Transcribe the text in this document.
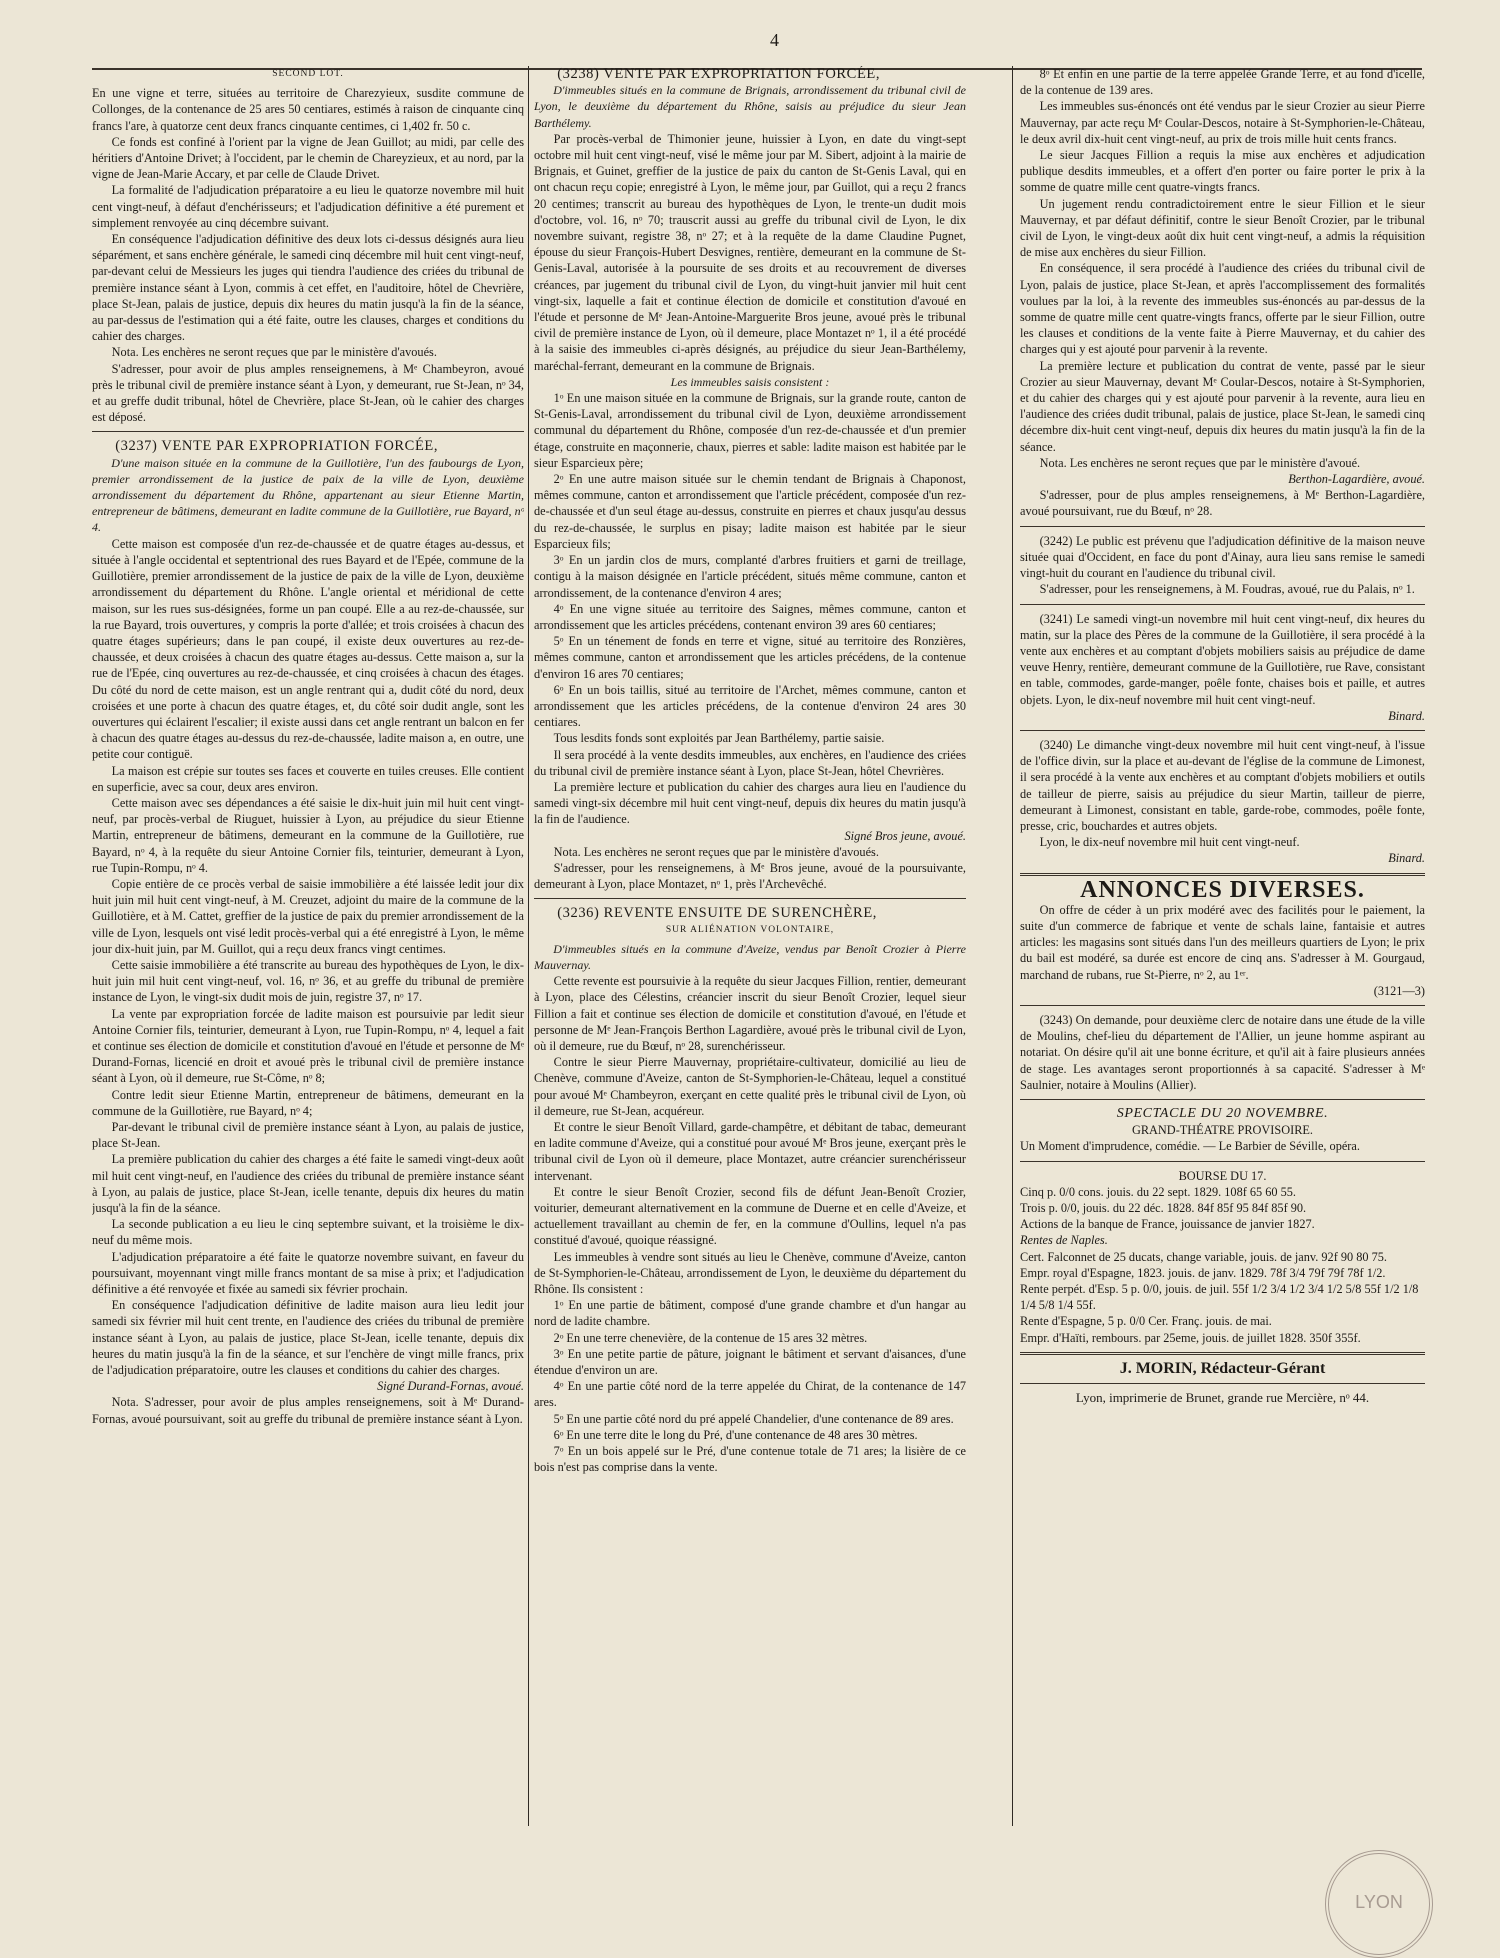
4

SECOND LOT.

En une vigne et terre, situées au territoire de Charezyieux, susdite commune de Collonges, de la contenance de 25 ares 50 centiares, estimés à raison de cinquante cinq francs l'are, à quatorze cent deux francs cinquante centimes, ci 1,402 fr. 50 c.

Ce fonds est confiné à l'orient par la vigne de Jean Guillot; au midi, par celle des héritiers d'Antoine Drivet; à l'occident, par le chemin de Chareyzieux, et au nord, par la vigne de Jean-Marie Accary, et par celle de Claude Drivet.

La formalité de l'adjudication préparatoire a eu lieu le quatorze novembre mil huit cent vingt-neuf, à défaut d'enchérisseurs; et l'adjudication définitive a été purement et simplement renvoyée au cinq décembre suivant.

En conséquence l'adjudication définitive des deux lots ci-dessus désignés aura lieu séparément, et sans enchère générale, le samedi cinq décembre mil huit cent vingt-neuf, par-devant celui de Messieurs les juges qui tiendra l'audience des criées du tribunal de première instance séant à Lyon, commis à cet effet, en l'auditoire, hôtel de Chevrière, place St-Jean, palais de justice, depuis dix heures du matin jusqu'à la fin de la séance, au par-dessus de l'estimation qui a été faite, outre les clauses, charges et conditions du cahier des charges.

Nota. Les enchères ne seront reçues que par le ministère d'avoués.

S'adresser, pour avoir de plus amples renseignemens, à Mᵉ Chambeyron, avoué près le tribunal civil de première instance séant à Lyon, y demeurant, rue St-Jean, nᵒ 34, et au greffe dudit tribunal, hôtel de Chevrière, place St-Jean, où le cahier des charges est déposé.

(3237) VENTE PAR EXPROPRIATION FORCÉE,

D'une maison située en la commune de la Guillotière, l'un des faubourgs de Lyon, premier arrondissement de la justice de paix de la ville de Lyon, deuxième arrondissement du département du Rhône, appartenant au sieur Etienne Martin, entrepreneur de bâtimens, demeurant en ladite commune de la Guillotière, rue Bayard, nᵒ 4.

Cette maison est composée d'un rez-de-chaussée et de quatre étages au-dessus, et située à l'angle occidental et septentrional des rues Bayard et de l'Epée, commune de la Guillotière, premier arrondissement de la justice de paix de la ville de Lyon, deuxième arrondissement du département du Rhône. L'angle oriental et méridional de cette maison, sur les rues sus-désignées, forme un pan coupé. Elle a au rez-de-chaussée, sur la rue Bayard, trois ouvertures, y compris la porte d'allée; et trois croisées à chacun des quatre étages supérieurs; dans le pan coupé, il existe deux ouvertures au rez-de-chaussée, et deux croisées à chacun des quatre étages au-dessus. Cette maison a, sur la rue de l'Epée, cinq ouvertures au rez-de-chaussée, et cinq croisées à chacun des étages. Du côté du nord de cette maison, est un angle rentrant qui a, dudit côté du nord, deux croisées et une porte à chacun des quatre étages, et, du côté soir dudit angle, sont les ouvertures qui éclairent l'escalier; il existe aussi dans cet angle rentrant un balcon en fer à chacun des quatre étages au-dessus du rez-de-chaussée, ladite maison a, en outre, une petite cour contiguë.

La maison est crépie sur toutes ses faces et couverte en tuiles creuses. Elle contient en superficie, avec sa cour, deux ares environ.

Cette maison avec ses dépendances a été saisie le dix-huit juin mil huit cent vingt-neuf, par procès-verbal de Riuguet, huissier à Lyon, au préjudice du sieur Etienne Martin, entrepreneur de bâtimens, demeurant en la commune de la Guillotière, rue Bayard, nᵒ 4, à la requête du sieur Antoine Cornier fils, teinturier, demeurant à Lyon, rue Tupin-Rompu, nᵒ 4.

Copie entière de ce procès verbal de saisie immobilière a été laissée ledit jour dix huit juin mil huit cent vingt-neuf, à M. Creuzet, adjoint du maire de la commune de la Guillotière, et à M. Cattet, greffier de la justice de paix du premier arrondissement de la ville de Lyon, lesquels ont visé ledit procès-verbal qui a été enregistré à Lyon, le même jour dix-huit juin, par M. Guillot, qui a reçu deux francs vingt centimes.

Cette saisie immobilière a été transcrite au bureau des hypothèques de Lyon, le dix-huit juin mil huit cent vingt-neuf, vol. 16, nᵒ 36, et au greffe du tribunal de première instance de Lyon, le vingt-six dudit mois de juin, registre 37, nᵒ 17.

La vente par expropriation forcée de ladite maison est poursuivie par ledit sieur Antoine Cornier fils, teinturier, demeurant à Lyon, rue Tupin-Rompu, nᵒ 4, lequel a fait et continue ses élection de domicile et constitution d'avoué en l'étude et personne de Mᵉ Durand-Fornas, licencié en droit et avoué près le tribunal civil de première instance séant à Lyon, où il demeure, rue St-Côme, nᵒ 8;

Contre ledit sieur Etienne Martin, entrepreneur de bâtimens, demeurant en la commune de la Guillotière, rue Bayard, nᵒ 4;

Par-devant le tribunal civil de première instance séant à Lyon, au palais de justice, place St-Jean.

La première publication du cahier des charges a été faite le samedi vingt-deux août mil huit cent vingt-neuf, en l'audience des criées du tribunal de première instance séant à Lyon, au palais de justice, place St-Jean, icelle tenante, depuis dix heures du matin jusqu'à la fin de la séance.

La seconde publication a eu lieu le cinq septembre suivant, et la troisième le dix-neuf du même mois.

L'adjudication préparatoire a été faite le quatorze novembre suivant, en faveur du poursuivant, moyennant vingt mille francs montant de sa mise à prix; et l'adjudication définitive a été renvoyée et fixée au samedi six février prochain.

En conséquence l'adjudication définitive de ladite maison aura lieu ledit jour samedi six février mil huit cent trente, en l'audience des criées du tribunal de première instance séant à Lyon, au palais de justice, place St-Jean, icelle tenante, depuis dix heures du matin jusqu'à la fin de la séance, et sur l'enchère de vingt mille francs, prix de l'adjudication préparatoire, outre les clauses et conditions du cahier des charges.

Signé Durand-Fornas, avoué.

Nota. S'adresser, pour avoir de plus amples renseignemens, soit à Mᵉ Durand-Fornas, avoué poursuivant, soit au greffe du tribunal de première instance séant à Lyon.

(3238) VENTE PAR EXPROPRIATION FORCÉE,

D'immeubles situés en la commune de Brignais, arrondissement du tribunal civil de Lyon, le deuxième du département du Rhône, saisis au préjudice du sieur Jean Barthélemy.

Par procès-verbal de Thimonier jeune, huissier à Lyon, en date du vingt-sept octobre mil huit cent vingt-neuf, visé le même jour par M. Sibert, adjoint à la mairie de Brignais, et Guinet, greffier de la justice de paix du canton de St-Genis Laval, qui en ont chacun reçu copie; enregistré à Lyon, le même jour, par Guillot, qui a reçu 2 francs 20 centimes; transcrit au bureau des hypothèques de Lyon, le trente-un dudit mois d'octobre, vol. 16, nᵒ 70; trauscrit aussi au greffe du tribunal civil de Lyon, le dix novembre suivant, registre 38, nᵒ 27; et à la requête de la dame Claudine Pugnet, épouse du sieur François-Hubert Desvignes, rentière, demeurant en la commune de St-Genis-Laval, autorisée à la poursuite de ses droits et au recouvrement de diverses créances, par jugement du tribunal civil de Lyon, du vingt-huit janvier mil huit cent vingt-six, laquelle a fait et continue élection de domicile et constitution d'avoué en l'étude et personne de Mᵉ Jean-Antoine-Marguerite Bros jeune, avoué près le tribunal civil de première instance de Lyon, où il demeure, place Montazet nᵒ 1, il a été procédé à la saisie des immeubles ci-après désignés, au préjudice du sieur Jean-Barthélemy, maréchal-ferrant, demeurant en la commune de Brignais.

Les immeubles saisis consistent :

1ᵒ En une maison située en la commune de Brignais, sur la grande route, canton de St-Genis-Laval, arrondissement du tribunal civil de Lyon, deuxième arrondissement communal du département du Rhône, composée d'un rez-de-chaussée et d'un premier étage, construite en maçonnerie, chaux, pierres et sable: ladite maison est habitée par le sieur Esparcieux père;

2ᵒ En une autre maison située sur le chemin tendant de Brignais à Chaponost, mêmes commune, canton et arrondissement que l'article précédent, composée d'un rez-de-chaussée et d'un seul étage au-dessus, construite en pierres et chaux jusqu'au dessus du rez-de-chaussée, le surplus en pisay; ladite maison est habitée par le sieur Esparcieux fils;

3ᵒ En un jardin clos de murs, complanté d'arbres fruitiers et garni de treillage, contigu à la maison désignée en l'article précédent, situés même commune, canton et arrondissement, de la contenance d'environ 4 ares;

4ᵒ En une vigne située au territoire des Saignes, mêmes commune, canton et arrondissement que les articles précédens, contenant environ 39 ares 60 centiares;

5ᵒ En un ténement de fonds en terre et vigne, situé au territoire des Ronzières, mêmes commune, canton et arrondissement que les articles précédens, de la contenue d'environ 16 ares 70 centiares;

6ᵒ En un bois taillis, situé au territoire de l'Archet, mêmes commune, canton et arrondissement que les articles précédens, de la contenue d'environ 24 ares 30 centiares.

Tous lesdits fonds sont exploités par Jean Barthélemy, partie saisie.

Il sera procédé à la vente desdits immeubles, aux enchères, en l'audience des criées du tribunal civil de première instance séant à Lyon, place St-Jean, hôtel Chevrières.

La première lecture et publication du cahier des charges aura lieu en l'audience du samedi vingt-six décembre mil huit cent vingt-neuf, depuis dix heures du matin jusqu'à la fin de l'audience.

Signé Bros jeune, avoué.

Nota. Les enchères ne seront reçues que par le ministère d'avoués.

S'adresser, pour les renseignemens, à Mᵉ Bros jeune, avoué de la poursuivante, demeurant à Lyon, place Montazet, nᵒ 1, près l'Archevêché.

(3236) REVENTE ENSUITE DE SURENCHÈRE,

SUR ALIÉNATION VOLONTAIRE,

D'immeubles situés en la commune d'Aveize, vendus par Benoît Crozier à Pierre Mauvernay.

Cette revente est poursuivie à la requête du sieur Jacques Fillion, rentier, demeurant à Lyon, place des Célestins, créancier inscrit du sieur Benoît Crozier, lequel sieur Fillion a fait et continue ses élection de domicile et constitution d'avoué, en l'étude et personne de Mᵉ Jean-François Berthon Lagardière, avoué près le tribunal civil de Lyon, où il demeure, rue du Bœuf, nᵒ 28, surenchérisseur.

Contre le sieur Pierre Mauvernay, propriétaire-cultivateur, domicilié au lieu de Chenève, commune d'Aveize, canton de St-Symphorien-le-Château, lequel a constitué pour avoué Mᵉ Chambeyron, exerçant en cette qualité près le tribunal civil de Lyon, où il demeure, rue St-Jean, acquéreur.

Et contre le sieur Benoît Villard, garde-champêtre, et débitant de tabac, demeurant en ladite commune d'Aveize, qui a constitué pour avoué Mᵉ Bros jeune, exerçant près le tribunal civil de Lyon où il demeure, place Montazet, autre créancier surenchérisseur intervenant.

Et contre le sieur Benoît Crozier, second fils de défunt Jean-Benoît Crozier, voiturier, demeurant alternativement en la commune de Duerne et en celle d'Aveize, et actuellement travaillant au chemin de fer, en la commune d'Oullins, lequel n'a pas constitué d'avoué, quoique réassigné.

Les immeubles à vendre sont situés au lieu le Chenève, commune d'Aveize, canton de St-Symphorien-le-Château, arrondissement de Lyon, le deuxième du département du Rhône. Ils consistent :

1ᵒ En une partie de bâtiment, composé d'une grande chambre et d'un hangar au nord de ladite chambre.

2ᵒ En une terre chenevière, de la contenue de 15 ares 32 mètres.

3ᵒ En une petite partie de pâture, joignant le bâtiment et servant d'aisances, d'une étendue d'environ un are.

4ᵒ En une partie côté nord de la terre appelée du Chirat, de la contenance de 147 ares.

5ᵒ En une partie côté nord du pré appelé Chandelier, d'une contenance de 89 ares.

6ᵒ En une terre dite le long du Pré, d'une contenance de 48 ares 30 mètres.

7ᵒ En un bois appelé sur le Pré, d'une contenue totale de 71 ares; la lisière de ce bois n'est pas comprise dans la vente.

8ᵒ Et enfin en une partie de la terre appelée Grande Terre, et au fond d'icelle, de la contenue de 139 ares.

Les immeubles sus-énoncés ont été vendus par le sieur Crozier au sieur Pierre Mauvernay, par acte reçu Mᵉ Coular-Descos, notaire à St-Symphorien-le-Château, le deux avril dix-huit cent vingt-neuf, au prix de trois mille huit cents francs.

Le sieur Jacques Fillion a requis la mise aux enchères et adjudication publique desdits immeubles, et a offert d'en porter ou faire porter le prix à la somme de quatre mille cent quatre-vingts francs.

Un jugement rendu contradictoirement entre le sieur Fillion et le sieur Mauvernay, et par défaut définitif, contre le sieur Benoît Crozier, par le tribunal civil de Lyon, le vingt-deux août dix huit cent vingt-neuf, a admis la réquisition de mise aux enchères du sieur Fillion.

En conséquence, il sera procédé à l'audience des criées du tribunal civil de Lyon, palais de justice, place St-Jean, et après l'accomplissement des formalités voulues par la loi, à la revente des immeubles sus-énoncés au par-dessus de la somme de quatre mille cent quatre-vingts francs, offerte par le sieur Fillion, outre les clauses et conditions de la vente faite à Pierre Mauvernay, et du cahier des charges qui y est ajouté pour parvenir à la revente.

La première lecture et publication du contrat de vente, passé par le sieur Crozier au sieur Mauvernay, devant Mᵉ Coular-Descos, notaire à St-Symphorien, et du cahier des charges qui y est ajouté pour parvenir à la revente, aura lieu en l'audience des criées dudit tribunal, palais de justice, place St-Jean, le samedi cinq décembre dix-huit cent vingt-neuf, depuis dix heures du matin jusqu'à la fin de la séance.

Nota. Les enchères ne seront reçues que par le ministère d'avoué.

Berthon-Lagardière, avoué.

S'adresser, pour de plus amples renseignemens, à Mᵉ Berthon-Lagardière, avoué poursuivant, rue du Bœuf, nᵒ 28.

(3242) Le public est prévenu que l'adjudication définitive de la maison neuve située quai d'Occident, en face du pont d'Ainay, aura lieu sans remise le samedi vingt-huit du courant en l'audience du tribunal civil.

S'adresser, pour les renseignemens, à M. Foudras, avoué, rue du Palais, nᵒ 1.

(3241) Le samedi vingt-un novembre mil huit cent vingt-neuf, dix heures du matin, sur la place des Pères de la commune de la Guillotière, il sera procédé à la vente aux enchères et au comptant d'objets mobiliers saisis au préjudice de dame veuve Henry, rentière, demeurant commune de la Guillotière, rue Rave, consistant en table, commodes, garde-manger, poêle fonte, chaises bois et paille, et autres objets. Lyon, le dix-neuf novembre mil huit cent vingt-neuf.

Binard.

(3240) Le dimanche vingt-deux novembre mil huit cent vingt-neuf, à l'issue de l'office divin, sur la place et au-devant de l'église de la commune de Limonest, il sera procédé à la vente aux enchères et au comptant d'objets mobiliers et outils de tailleur de pierre, saisis au préjudice du sieur Martin, tailleur de pierre, demeurant à Limonest, consistant en table, garde-robe, commodes, poêle fonte, presse, cric, bouchardes et autres objets.

Lyon, le dix-neuf novembre mil huit cent vingt-neuf.

Binard.

ANNONCES DIVERSES.

On offre de céder à un prix modéré avec des facilités pour le paiement, la suite d'un commerce de fabrique et vente de schals laine, fantaisie et autres articles: les magasins sont situés dans l'un des meilleurs quartiers de Lyon; le prix du bail est modéré, sa durée est encore de cinq ans. S'adresser à M. Gourgaud, marchand de rubans, rue St-Pierre, nᵒ 2, au 1ᵉʳ.

(3121—3)

(3243) On demande, pour deuxième clerc de notaire dans une étude de la ville de Moulins, chef-lieu du département de l'Allier, un jeune homme aspirant au notariat. On désire qu'il ait une bonne écriture, et qu'il ait à faire plusieurs années de stage. Les avantages seront proportionnés à sa capacité. S'adresser à Mᵉ Saulnier, notaire à Moulins (Allier).

SPECTACLE DU 20 NOVEMBRE.

GRAND-THÉATRE PROVISOIRE.

Un Moment d'imprudence, comédie. — Le Barbier de Séville, opéra.

BOURSE DU 17.

Cinq p. 0/0 cons. jouis. du 22 sept. 1829. 108f 65 60 55.

Trois p. 0/0, jouis. du 22 déc. 1828. 84f 85f 95 84f 85f 90.

Actions de la banque de France, jouissance de janvier 1827.

Rentes de Naples.

Cert. Falconnet de 25 ducats, change variable, jouis. de janv. 92f 90 80 75.

Empr. royal d'Espagne, 1823. jouis. de janv. 1829. 78f 3/4 79f 79f 78f 1/2.

Rente perpét. d'Esp. 5 p. 0/0, jouis. de juil. 55f 1/2 3/4 1/2 3/4 1/2 5/8 55f 1/2 1/8 1/4 5/8 1/4 55f.

Rente d'Espagne, 5 p. 0/0 Cer. Franç. jouis. de mai.

Empr. d'Haïti, rembours. par 25eme, jouis. de juillet 1828. 350f 355f.

J. MORIN, Rédacteur-Gérant
Lyon, imprimerie de Brunet, grande rue Mercière, nᵒ 44.
LYON
